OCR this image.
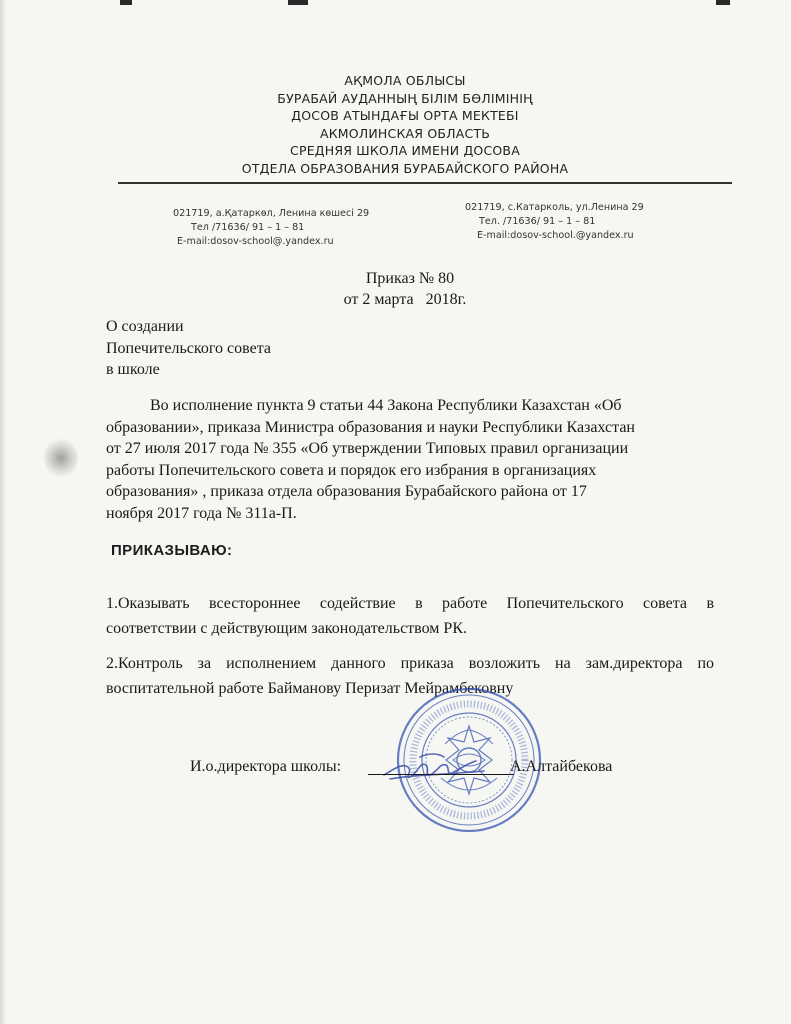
АҚМОЛА ОБЛЫСЫ
БУРАБАЙ АУДАННЫҢ БІЛІМ БӨЛІМІНІҢ
ДОСОВ АТЫНДАҒЫ ОРТА МЕКТЕБІ
АКМОЛИНСКАЯ ОБЛАСТЬ
СРЕДНЯЯ ШКОЛА ИМЕНИ ДОСОВА
ОТДЕЛА ОБРАЗОВАНИЯ БУРАБАЙСКОГО РАЙОНА
021719, а.Қатаркөл, Ленина көшесі 29
Тел /71636/ 91 – 1 – 81
E-mail:dosov-school@.yandex.ru
021719, с.Катарколь, ул.Ленина 29
Тел. /71636/ 91 – 1 – 81
E-mail:dosov-school.@yandex.ru
Приказ № 80
от 2 марта   2018г.
О создании
Попечительского совета
в школе
Во исполнение пункта 9 статьи 44 Закона Республики Казахстан «Об
образовании», приказа Министра образования и науки Республики Казахстан
от 27 июля 2017 года № 355 «Об утверждении Типовых правил организации
работы Попечительского совета и порядок его избрания в организациях
образования» , приказа отдела образования Бурабайского района от 17
ноября 2017 года № 311а-П.
ПРИКАЗЫВАЮ:
1.Оказывать всестороннее содействие в работе Попечительского совета в
соответствии с действующим законодательством РК.
2.Контроль за исполнением данного приказа возложить на зам.директора по
воспитательной работе Байманову Перизат Мейрамбековну
И.о.директора школы:	А.Алтайбекова
